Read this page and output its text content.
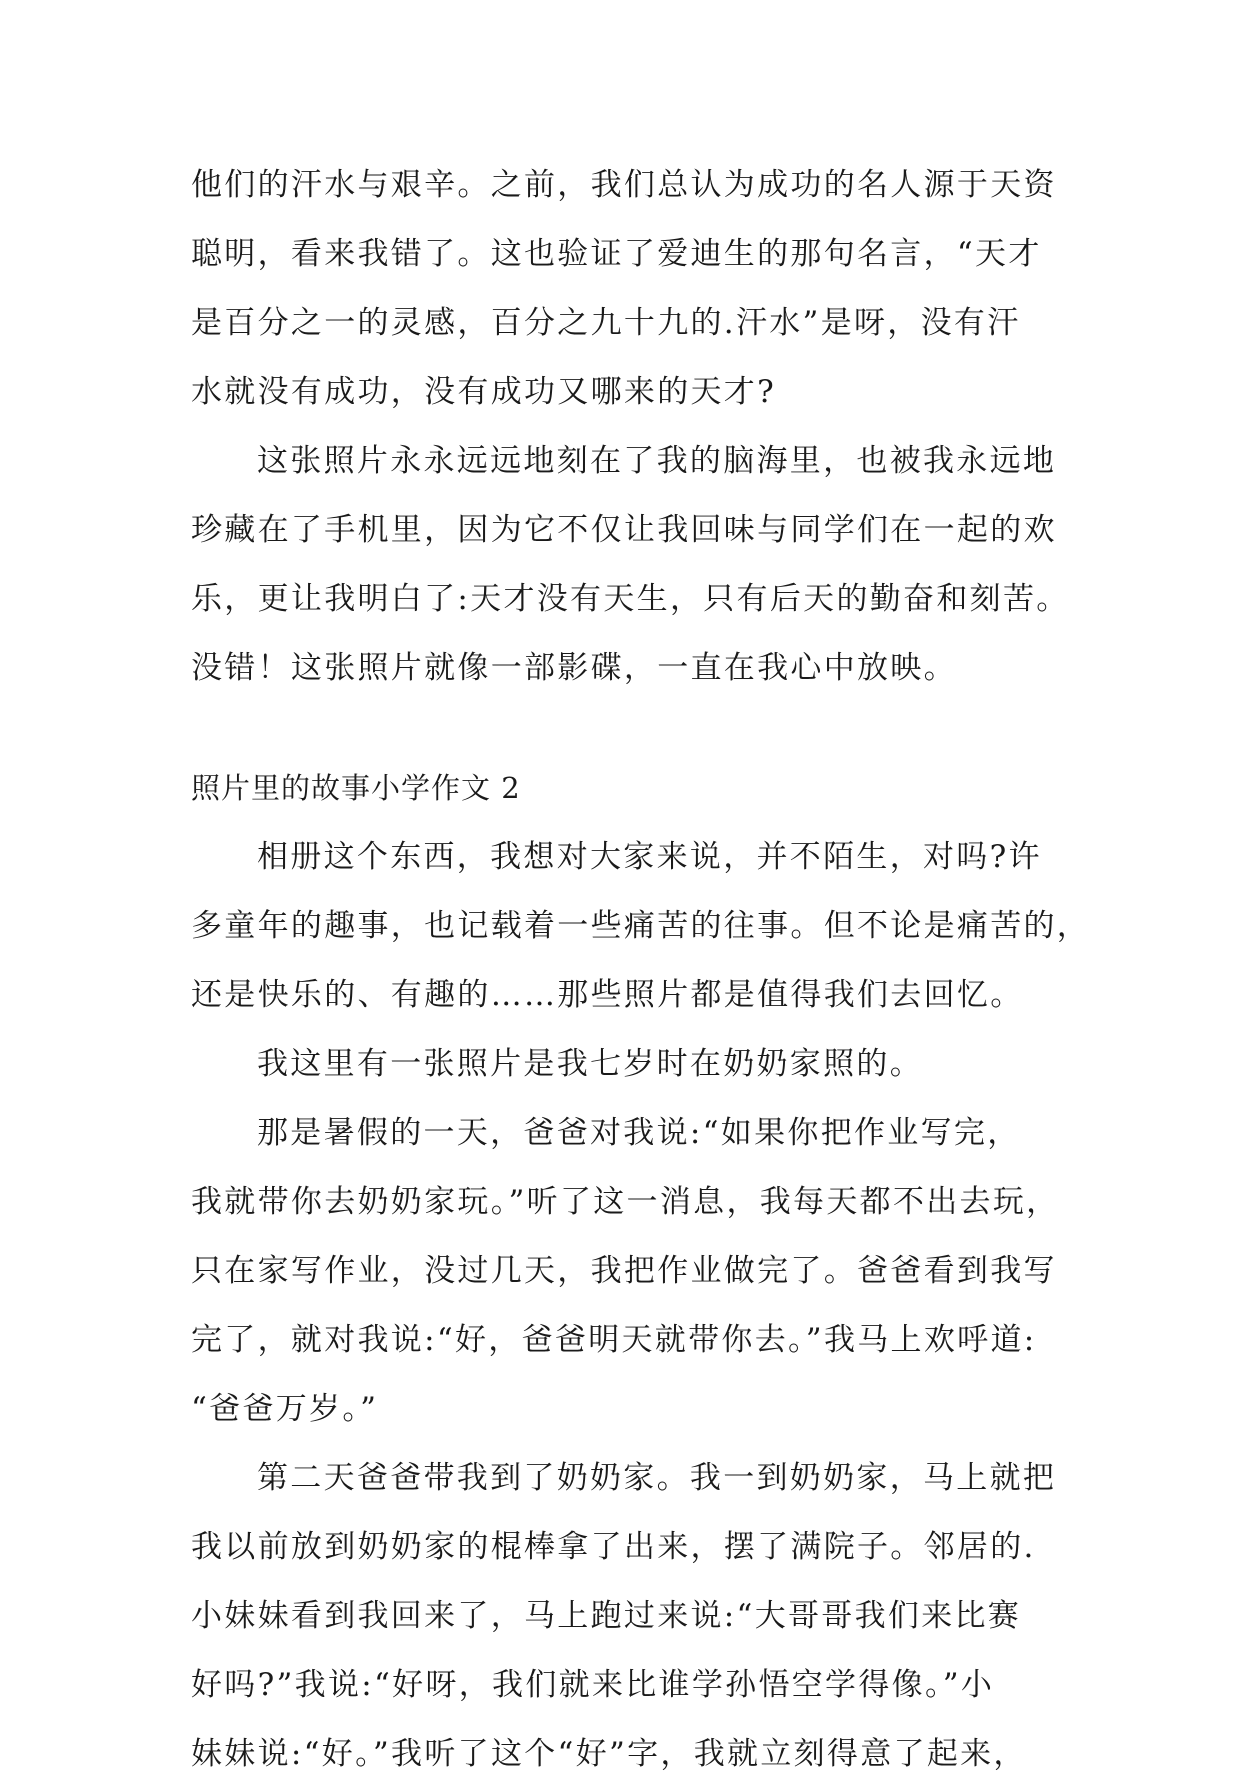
他们的汗水与艰辛。之前，我们总认为成功的名人源于天资
聪明，看来我错了。这也验证了爱迪生的那句名言，“天才
是百分之一的灵感，百分之九十九的.汗水”是呀，没有汗
水就没有成功，没有成功又哪来的天才?
这张照片永永远远地刻在了我的脑海里，也被我永远地
珍藏在了手机里，因为它不仅让我回味与同学们在一起的欢
乐，更让我明白了:天才没有天生，只有后天的勤奋和刻苦。
没错！这张照片就像一部影碟，一直在我心中放映。
照片里的故事小学作文 2
相册这个东西，我想对大家来说，并不陌生，对吗?许
多童年的趣事，也记载着一些痛苦的往事。但不论是痛苦的，
还是快乐的、有趣的……那些照片都是值得我们去回忆。
我这里有一张照片是我七岁时在奶奶家照的。
那是暑假的一天，爸爸对我说:“如果你把作业写完，
我就带你去奶奶家玩。”听了这一消息，我每天都不出去玩，
只在家写作业，没过几天，我把作业做完了。爸爸看到我写
完了，就对我说:“好，爸爸明天就带你去。”我马上欢呼道:
“爸爸万岁。”
第二天爸爸带我到了奶奶家。我一到奶奶家，马上就把
我以前放到奶奶家的棍棒拿了出来，摆了满院子。邻居的.
小妹妹看到我回来了，马上跑过来说:“大哥哥我们来比赛
好吗?”我说:“好呀，我们就来比谁学孙悟空学得像。”小
妹妹说:“好。”我听了这个“好”字，我就立刻得意了起来，
